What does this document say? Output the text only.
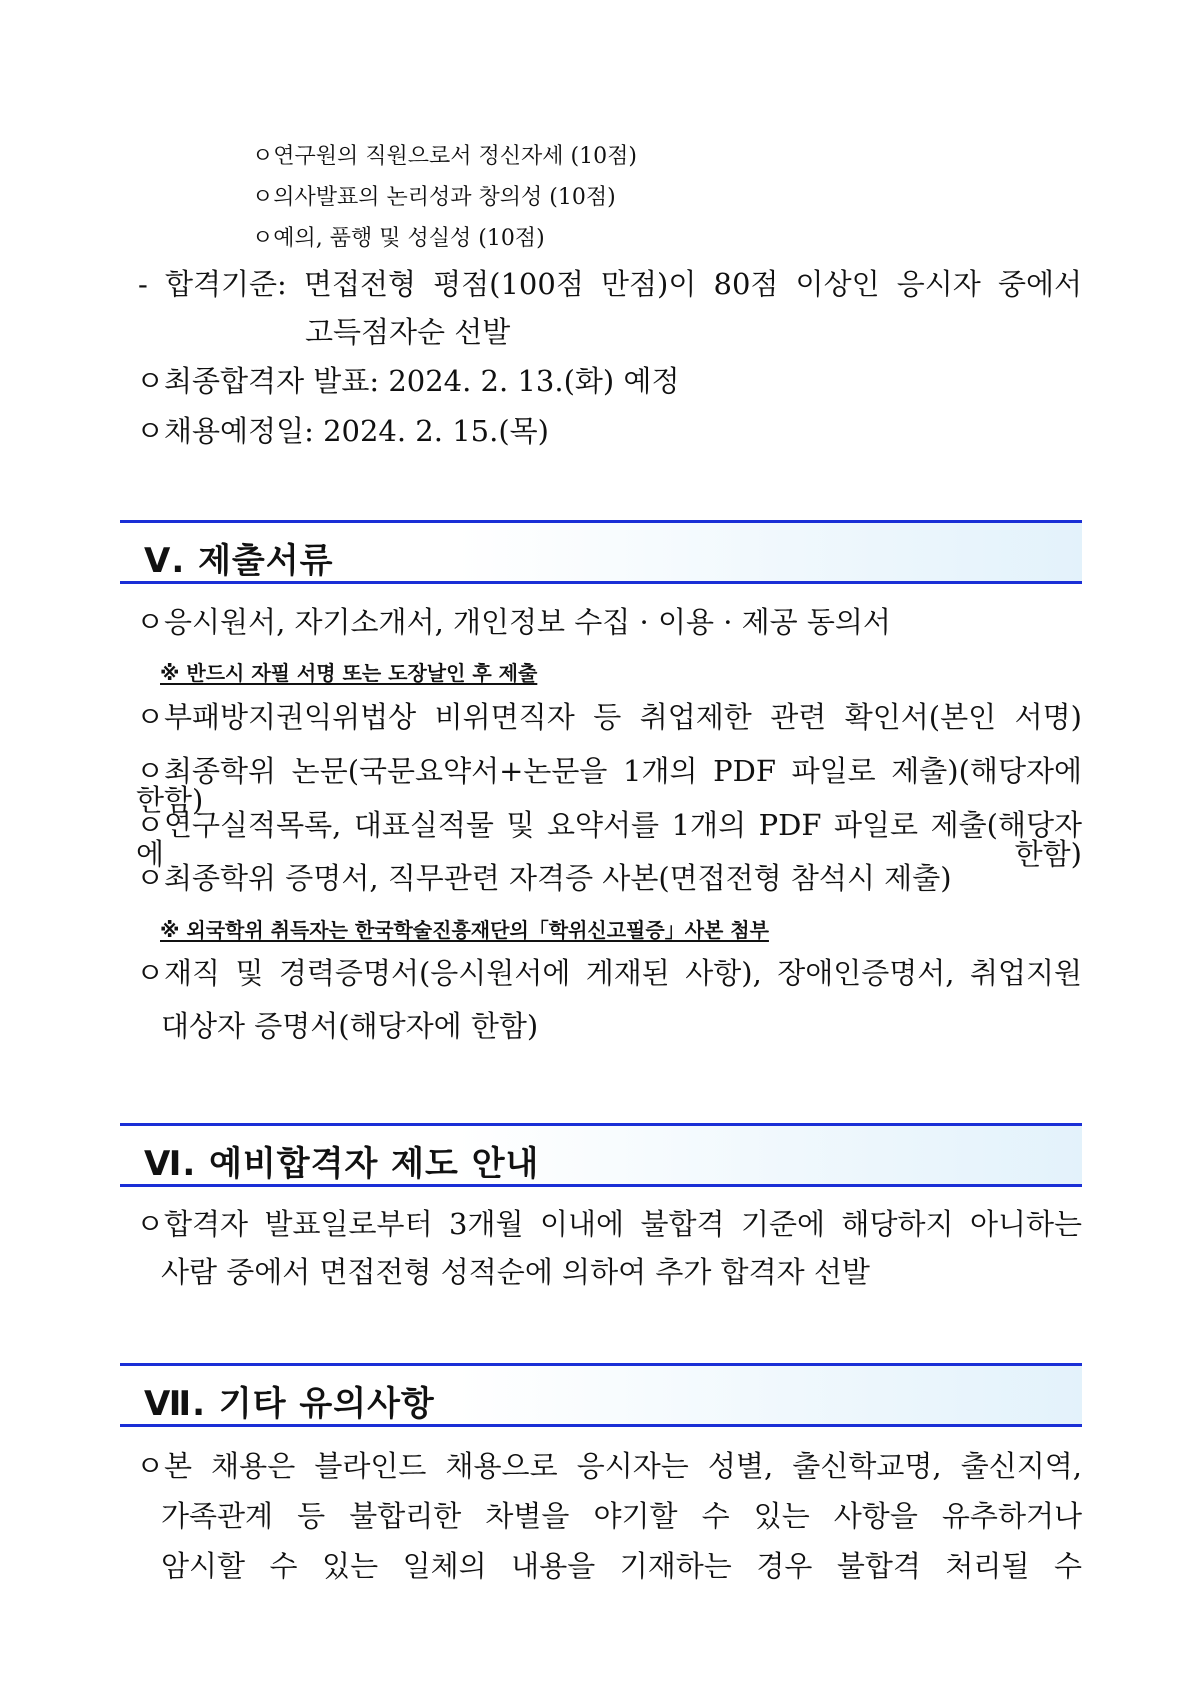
ㅇ연구원의 직원으로서 정신자세 (10점)
ㅇ의사발표의 논리성과 창의성 (10점)
ㅇ예의, 품행 및 성실성 (10점)
- 합격기준: 면접전형 평점(100점 만점)이 80점 이상인 응시자 중에서
고득점자순 선발
ㅇ최종합격자 발표: 2024. 2. 13.(화) 예정
ㅇ채용예정일: 2024. 2. 15.(목)
Ⅴ. 제출서류
ㅇ응시원서, 자기소개서, 개인정보 수집 · 이용 · 제공 동의서
※ 반드시 자필 서명 또는 도장날인 후 제출
ㅇ부패방지권익위법상 비위면직자 등 취업제한 관련 확인서(본인 서명)
ㅇ최종학위 논문(국문요약서+논문을 1개의 PDF 파일로 제출)(해당자에 한함)
ㅇ연구실적목록, 대표실적물 및 요약서를 1개의 PDF 파일로 제출(해당자에 한함)
ㅇ최종학위 증명서, 직무관련 자격증 사본(면접전형 참석시 제출)
※ 외국학위 취득자는 한국학술진흥재단의「학위신고필증」사본 첨부
ㅇ재직 및 경력증명서(응시원서에 게재된 사항), 장애인증명서, 취업지원
대상자 증명서(해당자에 한함)
Ⅵ. 예비합격자 제도 안내
ㅇ합격자 발표일로부터 3개월 이내에 불합격 기준에 해당하지 아니하는
사람 중에서 면접전형 성적순에 의하여 추가 합격자 선발
Ⅶ. 기타 유의사항
ㅇ본 채용은 블라인드 채용으로 응시자는 성별, 출신학교명, 출신지역,
가족관계 등 불합리한 차별을 야기할 수 있는 사항을 유추하거나
암시할 수 있는 일체의 내용을 기재하는 경우 불합격 처리될 수
